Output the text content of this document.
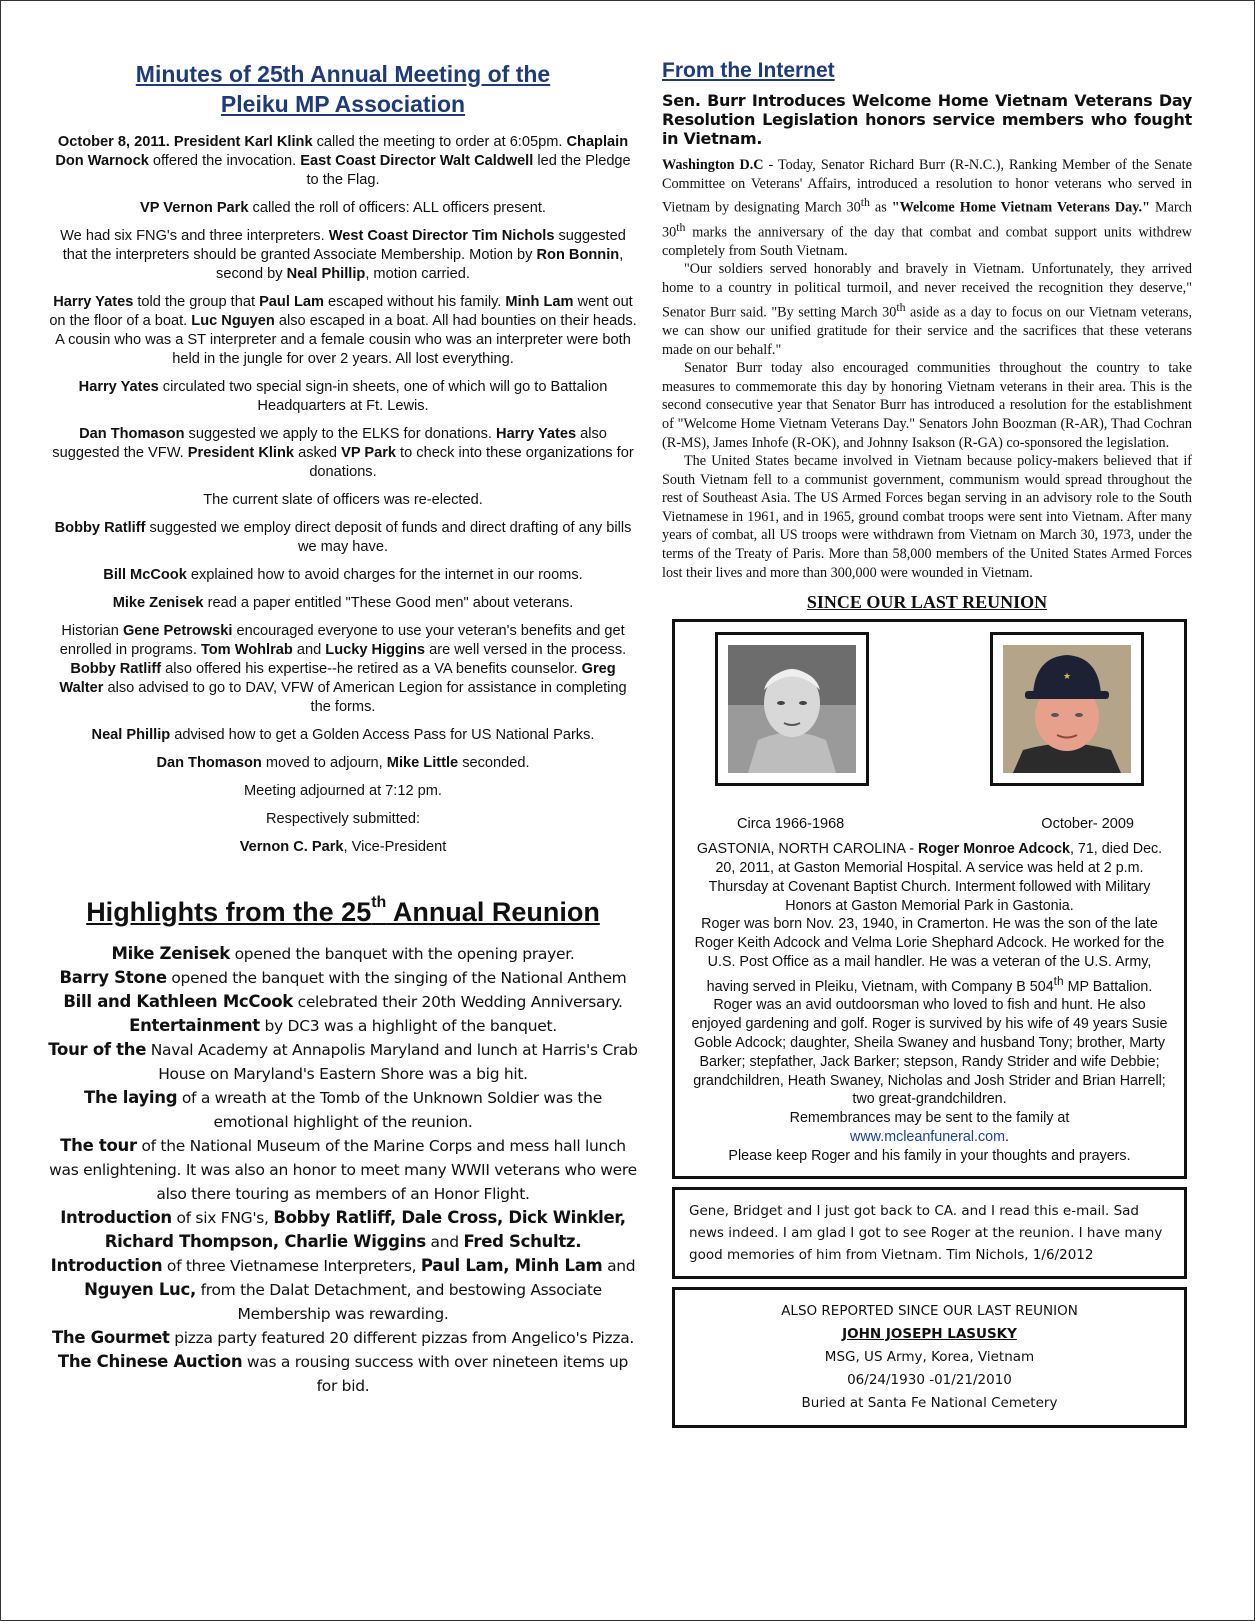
Minutes of 25th Annual Meeting of the
Pleiku MP Association

October 8, 2011. President Karl Klink called the meeting to order at 6:05pm. Chaplain Don Warnock offered the invocation. East Coast Director Walt Caldwell led the Pledge to the Flag.

VP Vernon Park called the roll of officers: ALL officers present.

We had six FNG's and three interpreters. West Coast Director Tim Nichols suggested that the interpreters should be granted Associate Membership. Motion by Ron Bonnin, second by Neal Phillip, motion carried.

Harry Yates told the group that Paul Lam escaped without his family. Minh Lam went out on the floor of a boat. Luc Nguyen also escaped in a boat. All had bounties on their heads. A cousin who was a ST interpreter and a female cousin who was an interpreter were both held in the jungle for over 2 years. All lost everything.

Harry Yates circulated two special sign-in sheets, one of which will go to Battalion Headquarters at Ft. Lewis.

Dan Thomason suggested we apply to the ELKS for donations. Harry Yates also suggested the VFW. President Klink asked VP Park to check into these organizations for donations.

The current slate of officers was re-elected.

Bobby Ratliff suggested we employ direct deposit of funds and direct drafting of any bills we may have.

Bill McCook explained how to avoid charges for the internet in our rooms.

Mike Zenisek read a paper entitled "These Good men" about veterans.

Historian Gene Petrowski encouraged everyone to use your veteran's benefits and get enrolled in programs. Tom Wohlrab and Lucky Higgins are well versed in the process. Bobby Ratliff also offered his expertise--he retired as a VA benefits counselor. Greg Walter also advised to go to DAV, VFW of American Legion for assistance in completing the forms.

Neal Phillip advised how to get a Golden Access Pass for US National Parks.

Dan Thomason moved to adjourn, Mike Little seconded.

Meeting adjourned at 7:12 pm.

Respectively submitted:

Vernon C. Park, Vice-President

Highlights from the 25th Annual Reunion

Mike Zenisek opened the banquet with the opening prayer.

Barry Stone opened the banquet with the singing of the National Anthem

Bill and Kathleen McCook celebrated their 20th Wedding Anniversary.

Entertainment by DC3 was a highlight of the banquet.

Tour of the Naval Academy at Annapolis Maryland and lunch at Harris's Crab House on Maryland's Eastern Shore was a big hit.

The laying of a wreath at the Tomb of the Unknown Soldier was the emotional highlight of the reunion.

The tour of the National Museum of the Marine Corps and mess hall lunch was enlightening. It was also an honor to meet many WWII veterans who were also there touring as members of an Honor Flight.

Introduction of six FNG's, Bobby Ratliff, Dale Cross, Dick Winkler, Richard Thompson, Charlie Wiggins and Fred Schultz.

Introduction of three Vietnamese Interpreters, Paul Lam, Minh Lam and Nguyen Luc, from the Dalat Detachment, and bestowing Associate Membership was rewarding.

The Gourmet pizza party featured 20 different pizzas from Angelico's Pizza.

The Chinese Auction was a rousing success with over nineteen items up for bid.

From the Internet
Sen. Burr Introduces Welcome Home Vietnam Veterans Day Resolution Legislation honors service members who fought in Vietnam.

Washington D.C - Today, Senator Richard Burr (R-N.C.), Ranking Member of the Senate Committee on Veterans' Affairs, introduced a resolution to honor veterans who served in Vietnam by designating March 30th as "Welcome Home Vietnam Veterans Day." March 30th marks the anniversary of the day that combat and combat support units withdrew completely from South Vietnam.

"Our soldiers served honorably and bravely in Vietnam. Unfortunately, they arrived home to a country in political turmoil, and never received the recognition they deserve," Senator Burr said. "By setting March 30th aside as a day to focus on our Vietnam veterans, we can show our unified gratitude for their service and the sacrifices that these veterans made on our behalf."

Senator Burr today also encouraged communities throughout the country to take measures to commemorate this day by honoring Vietnam veterans in their area. This is the second consecutive year that Senator Burr has introduced a resolution for the establishment of "Welcome Home Vietnam Veterans Day." Senators John Boozman (R-AR), Thad Cochran (R-MS), James Inhofe (R-OK), and Johnny Isakson (R-GA) co-sponsored the legislation.

The United States became involved in Vietnam because policy-makers believed that if South Vietnam fell to a communist government, communism would spread throughout the rest of Southeast Asia. The US Armed Forces began serving in an advisory role to the South Vietnamese in 1961, and in 1965, ground combat troops were sent into Vietnam. After many years of combat, all US troops were withdrawn from Vietnam on March 30, 1973, under the terms of the Treaty of Paris. More than 58,000 members of the United States Armed Forces lost their lives and more than 300,000 were wounded in Vietnam.

SINCE OUR LAST REUNION
★
Circa 1966-1968	October- 2009
GASTONIA, NORTH CAROLINA - Roger Monroe Adcock, 71, died Dec. 20, 2011, at Gaston Memorial Hospital. A service was held at 2 p.m. Thursday at Covenant Baptist Church. Interment followed with Military Honors at Gaston Memorial Park in Gastonia.
Roger was born Nov. 23, 1940, in Cramerton. He was the son of the late Roger Keith Adcock and Velma Lorie Shephard Adcock. He worked for the U.S. Post Office as a mail handler. He was a veteran of the U.S. Army, having served in Pleiku, Vietnam, with Company B 504th MP Battalion. Roger was an avid outdoorsman who loved to fish and hunt. He also enjoyed gardening and golf. Roger is survived by his wife of 49 years Susie Goble Adcock; daughter, Sheila Swaney and husband Tony; brother, Marty Barker; stepfather, Jack Barker; stepson, Randy Strider and wife Debbie; grandchildren, Heath Swaney, Nicholas and Josh Strider and Brian Harrell; two great-grandchildren.
Remembrances may be sent to the family at
www.mcleanfuneral.com.
Please keep Roger and his family in your thoughts and prayers.
Gene, Bridget and I just got back to CA. and I read this e-mail. Sad news indeed. I am glad I got to see Roger at the reunion. I have many good memories of him from Vietnam. Tim Nichols, 1/6/2012
ALSO REPORTED SINCE OUR LAST REUNION
JOHN JOSEPH LASUSKY
MSG, US Army, Korea, Vietnam
06/24/1930 -01/21/2010
Buried at Santa Fe National Cemetery
